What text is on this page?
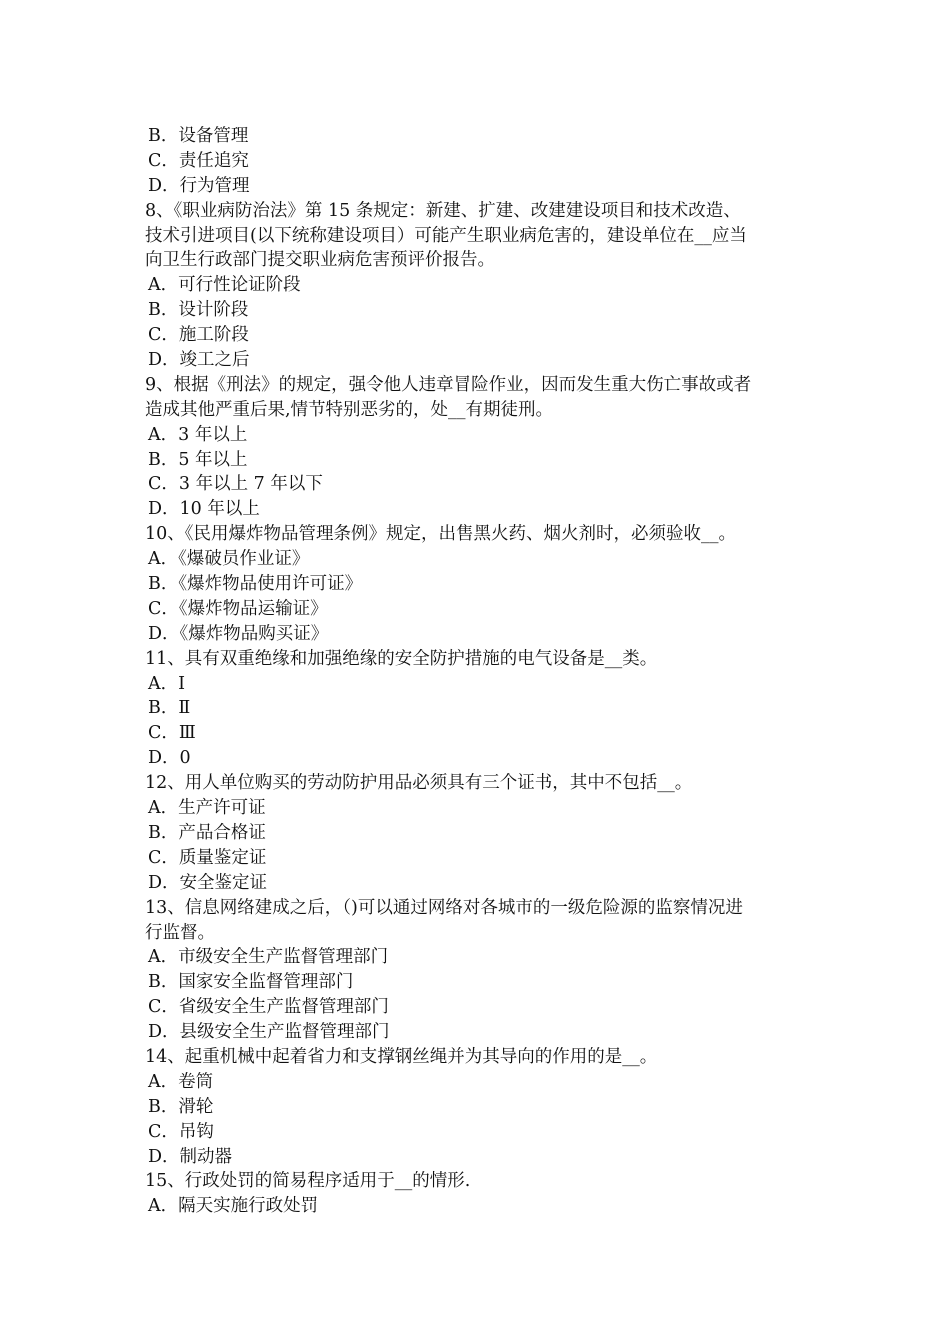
B．设备管理
C．责任追究
D．行为管理
8、《职业病防治法》第 15 条规定：新建、扩建、改建建设项目和技术改造、
技术引进项目(以下统称建设项目）可能产生职业病危害的，建设单位在__应当
向卫生行政部门提交职业病危害预评价报告。
A．可行性论证阶段
B．设计阶段
C．施工阶段
D．竣工之后
9、根据《刑法》的规定，强令他人违章冒险作业，因而发生重大伤亡事故或者
造成其他严重后果,情节特别恶劣的，处__有期徒刑。
A．3 年以上
B．5 年以上
C．3 年以上 7 年以下
D．10 年以上
10、《民用爆炸物品管理条例》规定，出售黑火药、烟火剂时，必须验收__。
A．《爆破员作业证》
B．《爆炸物品使用许可证》
C．《爆炸物品运输证》
D．《爆炸物品购买证》
11、具有双重绝缘和加强绝缘的安全防护措施的电气设备是__类。
A．Ⅰ
B．Ⅱ
C．Ⅲ
D．0
12、用人单位购买的劳动防护用品必须具有三个证书，其中不包括__。
A．生产许可证
B．产品合格证
C．质量鉴定证
D．安全鉴定证
13、信息网络建成之后，（)可以通过网络对各城市的一级危险源的监察情况进
行监督。
A．市级安全生产监督管理部门
B．国家安全监督管理部门
C．省级安全生产监督管理部门
D．县级安全生产监督管理部门
14、起重机械中起着省力和支撑钢丝绳并为其导向的作用的是__。
A．卷筒
B．滑轮
C．吊钩
D．制动器
15、行政处罚的简易程序适用于__的情形.
A．隔天实施行政处罚
